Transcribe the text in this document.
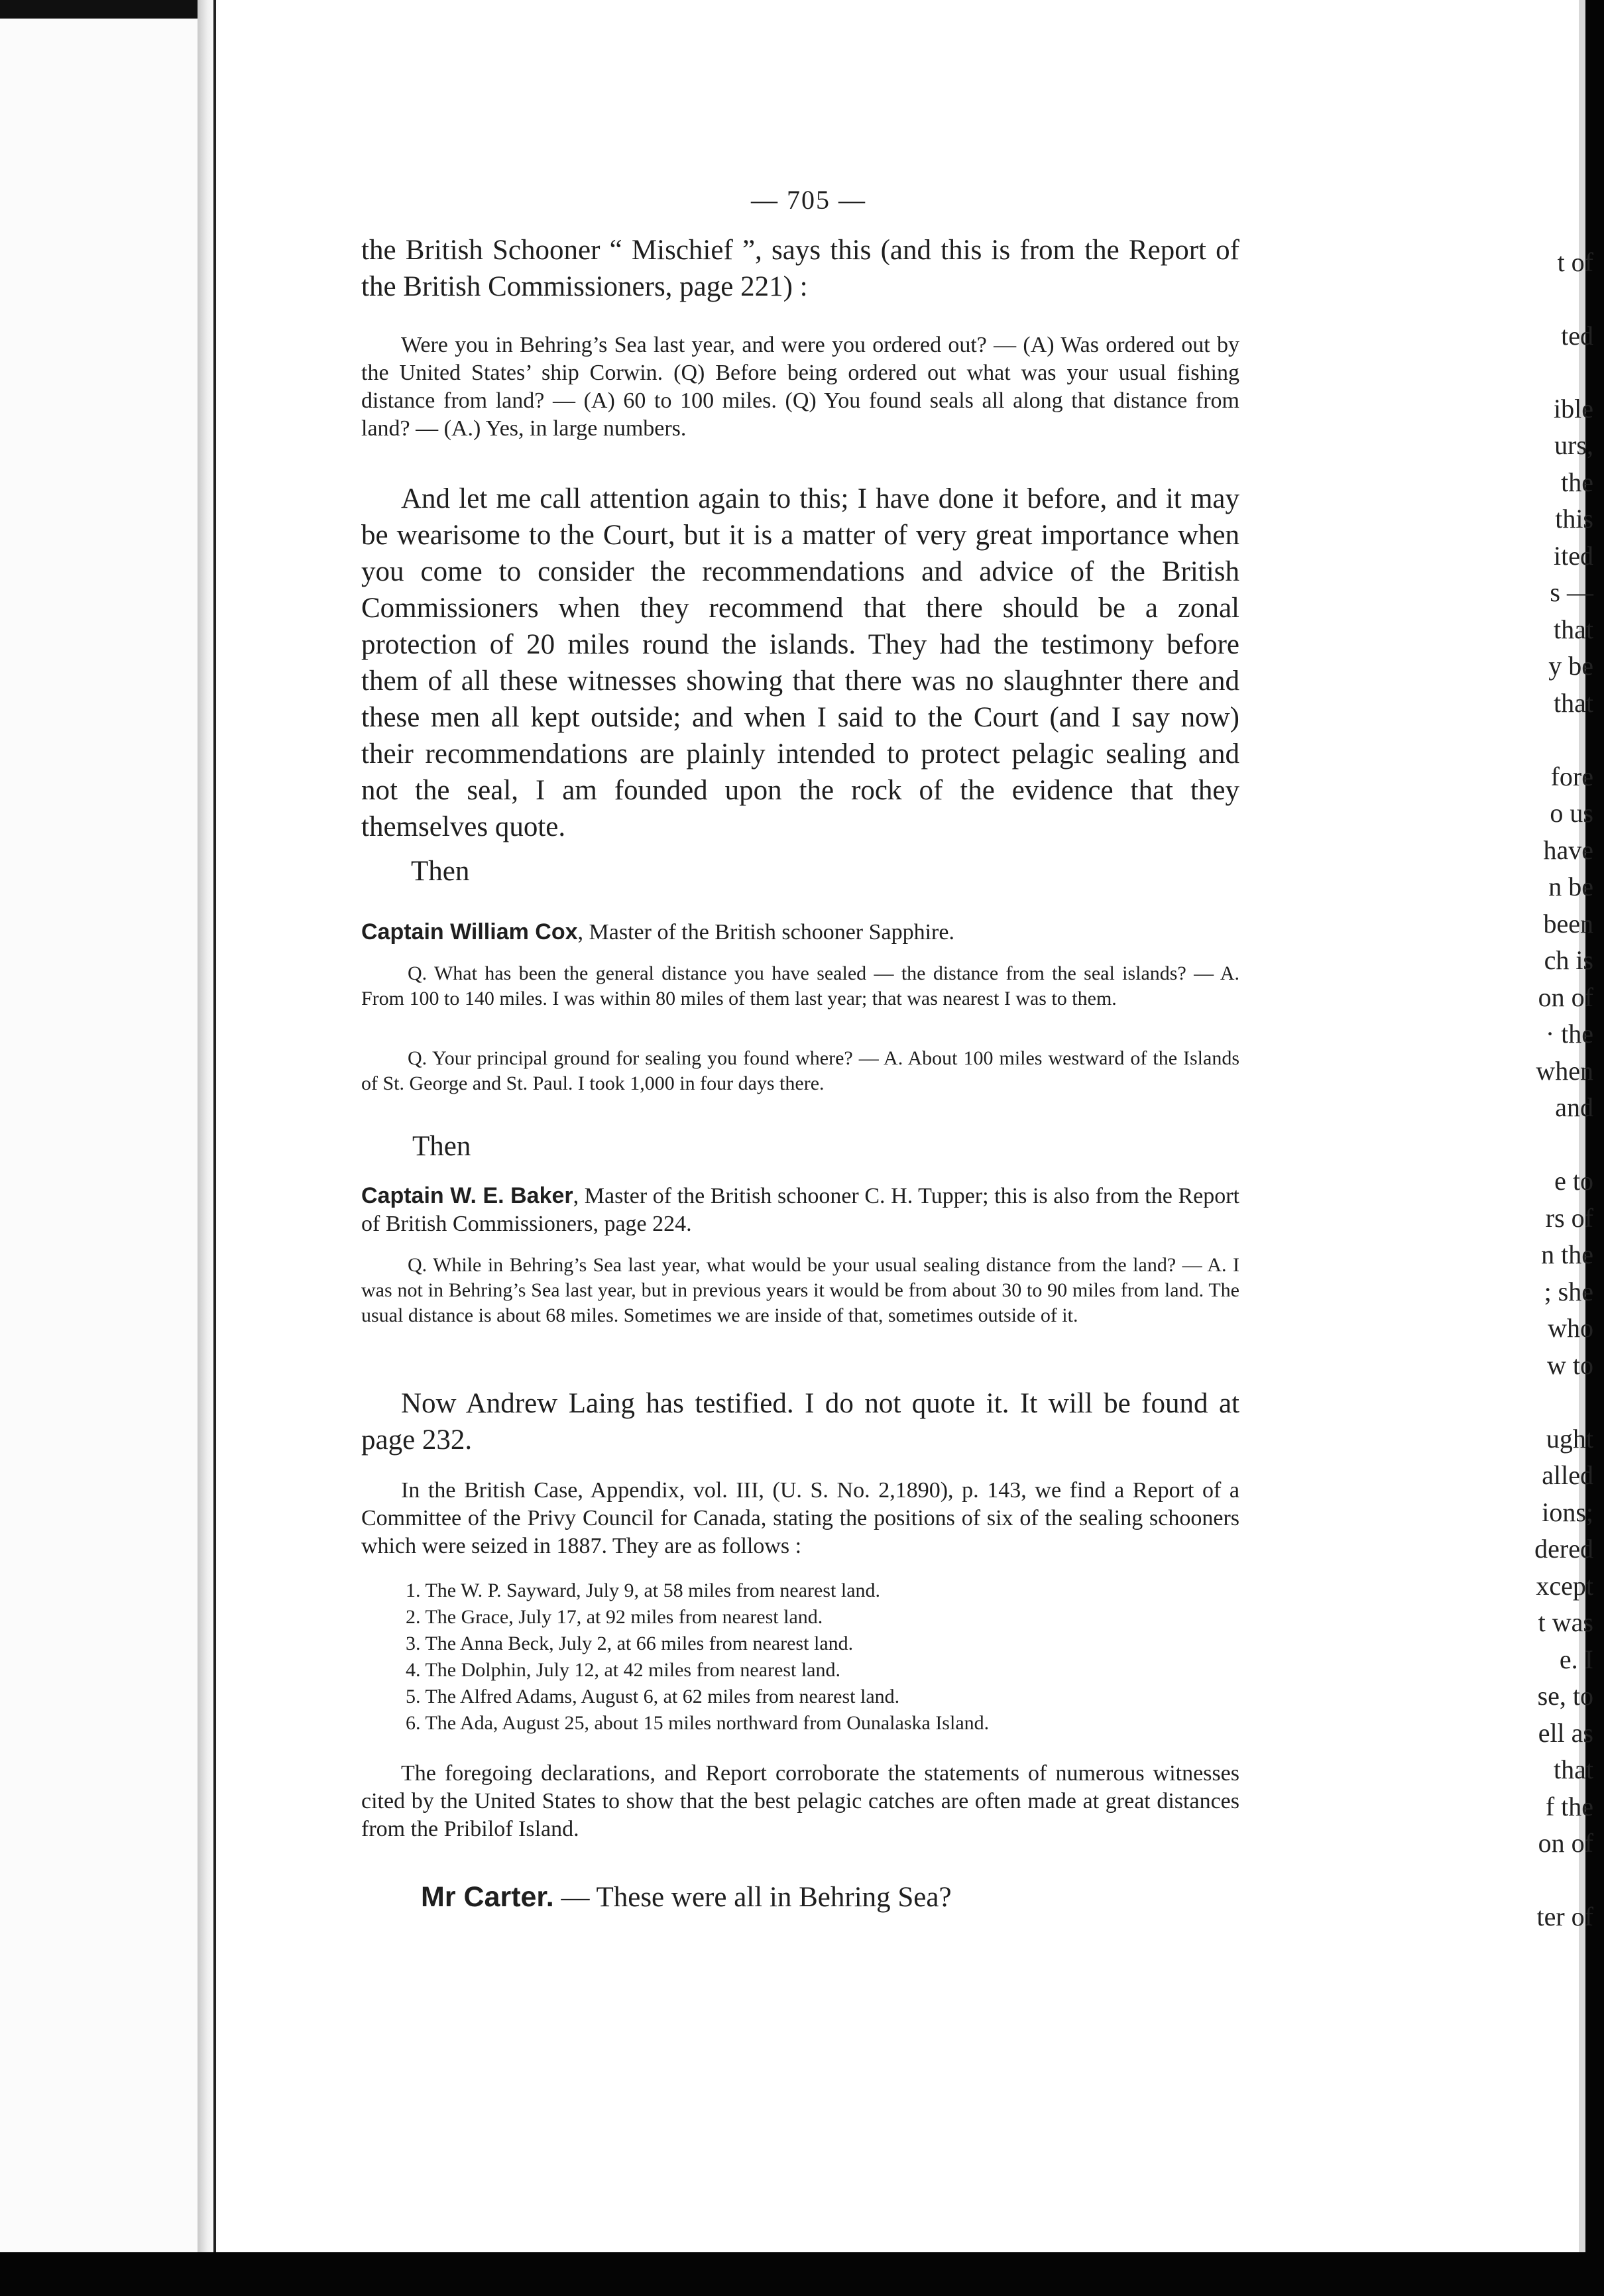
t of
ted
ible
urs,
the
this
ited
s —
that
y be
that
fore
o us
have
n be
been
ch is
on of
· the
when
and
e to
rs of
n the
; she
who
w to
ught
alled
ions;
dered
xcept
t was
e. I
se, to
ell as
that
f the
on of
ter of
— 705 —

the British Schooner “ Mischief ”, says this (and this is from the Report of the British Commissioners, page 221) :

Were you in Behring’s Sea last year, and were you ordered out? — (A) Was ordered out by the United States’ ship Corwin. (Q) Before being ordered out what was your usual fishing distance from land? — (A) 60 to 100 miles. (Q) You found seals all along that distance from land? — (A.) Yes, in large numbers.

And let me call attention again to this; I have done it before, and it may be wearisome to the Court, but it is a matter of very great importance when you come to consider the recommendations and advice of the British Commissioners when they recommend that there should be a zonal protection of 20 miles round the islands. They had the testimony before them of all these witnesses showing that there was no slaughnter there and these men all kept outside; and when I said to the Court (and I say now) their recommendations are plainly intended to protect pelagic sealing and not the seal, I am founded upon the rock of the evidence that they themselves quote.

Then

Captain William Cox, Master of the British schooner Sapphire.

Q. What has been the general distance you have sealed — the distance from the seal islands? — A. From 100 to 140 miles. I was within 80 miles of them last year; that was nearest I was to them.

Q. Your principal ground for sealing you found where? — A. About 100 miles westward of the Islands of St. George and St. Paul. I took 1,000 in four days there.

Then

Captain W. E. Baker, Master of the British schooner C. H. Tupper; this is also from the Report of British Commissioners, page 224.

Q. While in Behring’s Sea last year, what would be your usual sealing distance from the land? — A. I was not in Behring’s Sea last year, but in previous years it would be from about 30 to 90 miles from land. The usual distance is about 68 miles. Sometimes we are inside of that, sometimes outside of it.

Now Andrew Laing has testified. I do not quote it. It will be found at page 232.

In the British Case, Appendix, vol. III, (U. S. No. 2,1890), p. 143, we find a Report of a Committee of the Privy Council for Canada, stating the positions of six of the sealing schooners which were seized in 1887. They are as follows :

1. The W. P. Sayward, July 9, at 58 miles from nearest land.
2. The Grace, July 17, at 92 miles from nearest land.
3. The Anna Beck, July 2, at 66 miles from nearest land.
4. The Dolphin, July 12, at 42 miles from nearest land.
5. The Alfred Adams, August 6, at 62 miles from nearest land.
6. The Ada, August 25, about 15 miles northward from Ounalaska Island.

The foregoing declarations, and Report corroborate the statements of numerous witnesses cited by the United States to show that the best pelagic catches are often made at great distances from the Pribilof Island.

Mr Carter. — These were all in Behring Sea?
